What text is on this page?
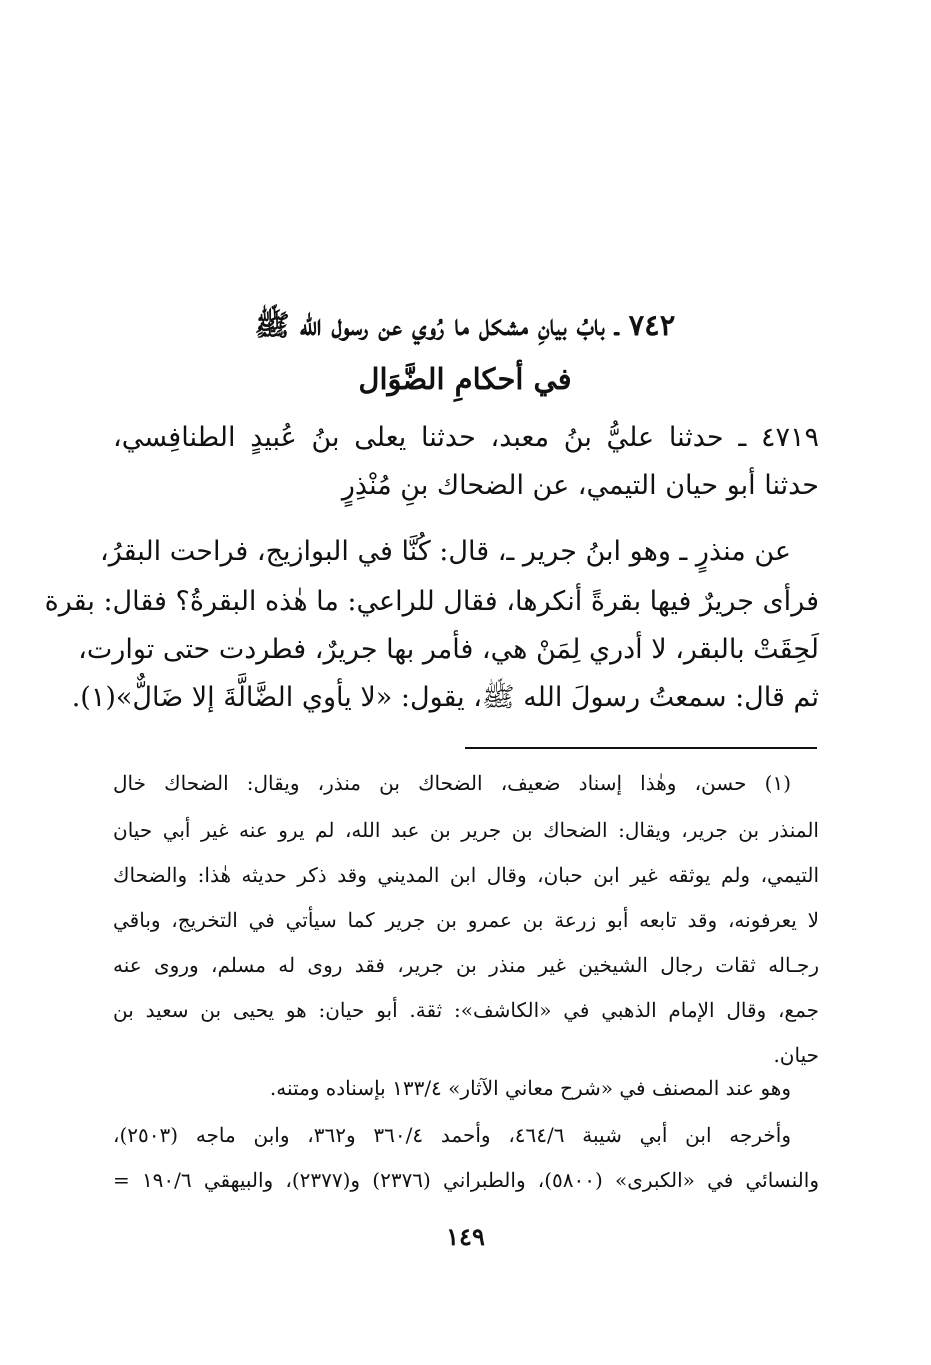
٧٤٢ ـ بابُ بيانِ مشكل ما رُوي عن رسول الله ﷺ
في أحكامِ الضَّوَال
٤٧١٩ ـ حدثنا عليُّ بنُ معبد، حدثنا يعلى بنُ عُبيدٍ الطنافِسي،
حدثنا أبو حيان التيمي، عن الضحاك بنِ مُنْذِرٍ
عن منذرٍ ـ وهو ابنُ جرير ـ، قال: كُنَّا في البوازيج، فراحت البقرُ،
فرأى جريرٌ فيها بقرةً أنكرها، فقال للراعي: ما هٰذه البقرةُ؟ فقال: بقرة
لَحِقَتْ بالبقر، لا أدري لِمَنْ هي، فأمر بها جريرٌ، فطردت حتى توارت،
ثم قال: سمعتُ رسولَ الله ﷺ، يقول: «لا يأوي الضَّالَّةَ إلا ضَالٌّ»(١).
(١) حسن، وهٰذا إسناد ضعيف، الضحاك بن منذر، ويقال: الضحاك خال
المنذر بن جرير، ويقال: الضحاك بن جرير بن عبد الله، لم يرو عنه غير أبي حيان
التيمي، ولم يوثقه غير ابن حبان، وقال ابن المديني وقد ذكر حديثه هٰذا: والضحاك
لا يعرفونه، وقد تابعه أبو زرعة بن عمرو بن جرير كما سيأتي في التخريج، وباقي
رجـاله ثقات رجال الشيخين غير منذر بن جرير، فقد روى له مسلم، وروى عنه
جمع، وقال الإمام الذهبي في «الكاشف»: ثقة. أبو حيان: هو يحيى بن سعيد بن
حيان.
وهو عند المصنف في «شرح معاني الآثار» ١٣٣/٤ بإسناده ومتنه.
وأخرجه ابن أبي شيبة ٤٦٤/٦، وأحمد ٣٦٠/٤ و٣٦٢، وابن ماجه (٢٥٠٣)،
والنسائي في «الكبرى» (٥٨٠٠)، والطبراني (٢٣٧٦) و(٢٣٧٧)، والبيهقي ١٩٠/٦ =
١٤٩
